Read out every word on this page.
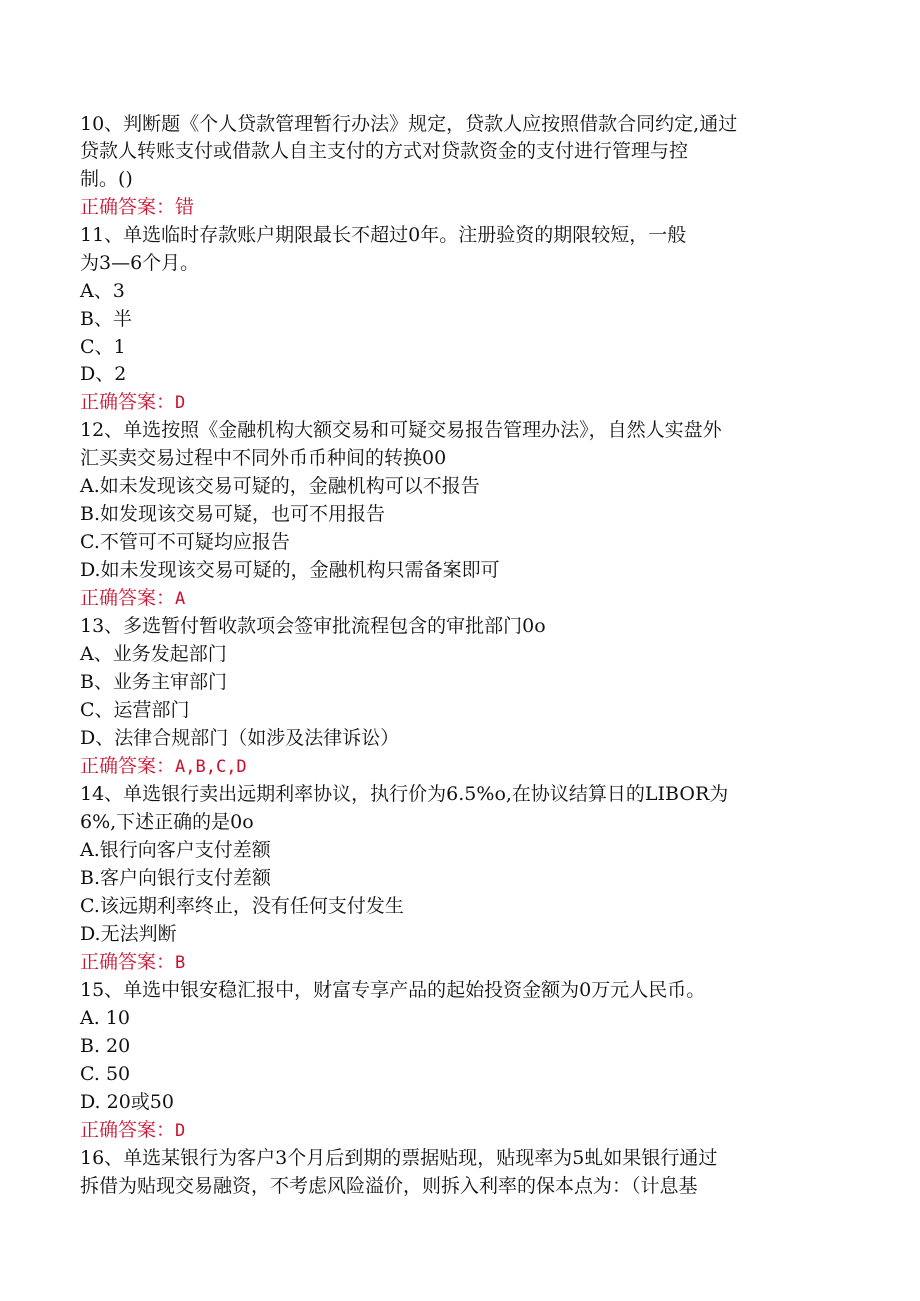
10、判断题《个人贷款管理暂行办法》规定，贷款人应按照借款合同约定,通过
贷款人转账支付或借款人自主支付的方式对贷款资金的支付进行管理与控
制。()
正确答案：错
11、单选临时存款账户期限最长不超过0年。注册验资的期限较短，一般
为3—6个月。
A、3
B、半
C、1
D、2
正确答案：D
12、单选按照《金融机构大额交易和可疑交易报告管理办法》，自然人实盘外
汇买卖交易过程中不同外币币种间的转换00
A.如未发现该交易可疑的，金融机构可以不报告
B.如发现该交易可疑，也可不用报告
C.不管可不可疑均应报告
D.如未发现该交易可疑的，金融机构只需备案即可
正确答案：A
13、多选暂付暂收款项会签审批流程包含的审批部门0o
A、业务发起部门
B、业务主审部门
C、运营部门
D、法律合规部门（如涉及法律诉讼）
正确答案：A,B,C,D
14、单选银行卖出远期利率协议，执行价为6.5%o,在协议结算日的LIBOR为
6%,下述正确的是0o
A.银行向客户支付差额
B.客户向银行支付差额
C.该远期利率终止，没有任何支付发生
D.无法判断
正确答案：B
15、单选中银安稳汇报中，财富专享产品的起始投资金额为0万元人民币。
A. 10
B. 20
C. 50
D. 20或50
正确答案：D
16、单选某银行为客户3个月后到期的票据贴现，贴现率为5虬如果银行通过
拆借为贴现交易融资，不考虑风险溢价，则拆入利率的保本点为：（计息基
